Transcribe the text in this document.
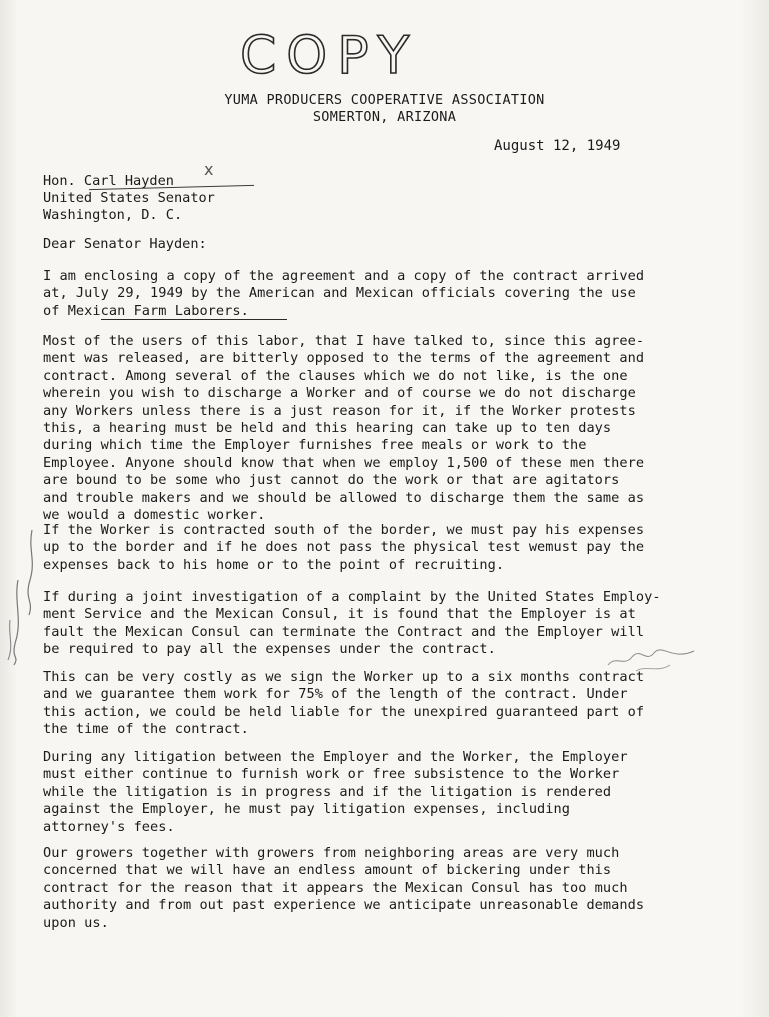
COPY
YUMA PRODUCERS COOPERATIVE ASSOCIATION
SOMERTON, ARIZONA
August 12, 1949
Hon. Carl Hayden
x
United States Senator
Washington, D. C.
Dear Senator Hayden:
I am enclosing a copy of the agreement and a copy of the contract arrived
at, July 29, 1949 by the American and Mexican officials covering the use
of Mexican Farm Laborers.
Most of the users of this labor, that I have talked to, since this agree-
ment was released, are bitterly opposed to the terms of the agreement and
contract. Among several of the clauses which we do not like, is the one
wherein you wish to discharge a Worker and of course we do not discharge
any Workers unless there is a just reason for it, if the Worker protests
this, a hearing must be held and this hearing can take up to ten days
during which time the Employer furnishes free meals or work to the
Employee. Anyone should know that when we employ 1,500 of these men there
are bound to be some who just cannot do the work or that are agitators
and trouble makers and we should be allowed to discharge them the same as
we would a domestic worker.
If the Worker is contracted south of the border, we must pay his expenses
up to the border and if he does not pass the physical test wemust pay the
expenses back to his home or to the point of recruiting.
If during a joint investigation of a complaint by the United States Employ-
ment Service and the Mexican Consul, it is found that the Employer is at
fault the Mexican Consul can terminate the Contract and the Employer will
be required to pay all the expenses under the contract.
This can be very costly as we sign the Worker up to a six months contract
and we guarantee them work for 75% of the length of the contract. Under
this action, we could be held liable for the unexpired guaranteed part of
the time of the contract.
During any litigation between the Employer and the Worker, the Employer
must either continue to furnish work or free subsistence to the Worker
while the litigation is in progress and if the litigation is rendered
against the Employer, he must pay litigation expenses, including
attorney's fees.
Our growers together with growers from neighboring areas are very much
concerned that we will have an endless amount of bickering under this
contract for the reason that it appears the Mexican Consul has too much
authority and from out past experience we anticipate unreasonable demands
upon us.
